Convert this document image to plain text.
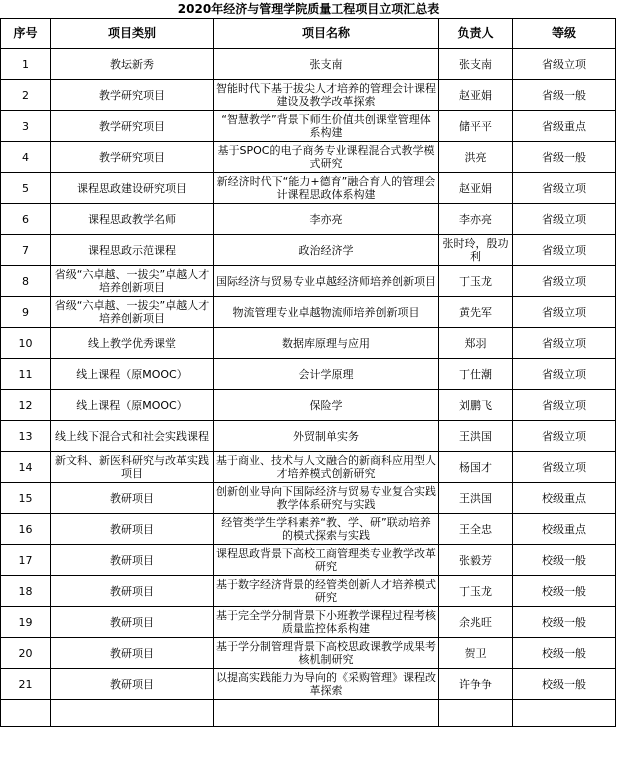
2020年经济与管理学院质量工程项目立项汇总表
序号	项目类别	项目名称	负责人	等级
1	教坛新秀	张支南	张支南	省级立项
2	教学研究项目	智能时代下基于拔尖人才培养的管理会计课程建设及教学改革探索	赵亚娟	省级一般
3	教学研究项目	“智慧教学”背景下师生价值共创课堂管理体系构建	储平平	省级重点
4	教学研究项目	基于SPOC的电子商务专业课程混合式教学模式研究	洪亮	省级一般
5	课程思政建设研究项目	新经济时代下“能力+德育”融合育人的管理会计课程思政体系构建	赵亚娟	省级立项
6	课程思政教学名师	李亦亮	李亦亮	省级立项
7	课程思政示范课程	政治经济学	张时玲，殷功利	省级立项
8	省级“六卓越、一拔尖”卓越人才培养创新项目	国际经济与贸易专业卓越经济师培养创新项目	丁玉龙	省级立项
9	省级“六卓越、一拔尖”卓越人才培养创新项目	物流管理专业卓越物流师培养创新项目	黄先军	省级立项
10	线上教学优秀课堂	数据库原理与应用	郑羽	省级立项
11	线上课程（原MOOC）	会计学原理	丁仕潮	省级立项
12	线上课程（原MOOC）	保险学	刘鹏飞	省级立项
13	线上线下混合式和社会实践课程	外贸制单实务	王洪国	省级立项
14	新文科、新医科研究与改革实践项目	基于商业、技术与人文融合的新商科应用型人才培养模式创新研究	杨国才	省级立项
15	教研项目	创新创业导向下国际经济与贸易专业复合实践教学体系研究与实践	王洪国	校级重点
16	教研项目	经管类学生学科素养“教、学、研”联动培养的模式探索与实践	王全忠	校级重点
17	教研项目	课程思政背景下高校工商管理类专业教学改革研究	张毅芳	校级一般
18	教研项目	基于数字经济背景的经管类创新人才培养模式研究	丁玉龙	校级一般
19	教研项目	基于完全学分制背景下小班教学课程过程考核质量监控体系构建	余兆旺	校级一般
20	教研项目	基于学分制管理背景下高校思政课教学成果考核机制研究	贺卫	校级一般
21	教研项目	以提高实践能力为导向的《采购管理》课程改革探索	许争争	校级一般
